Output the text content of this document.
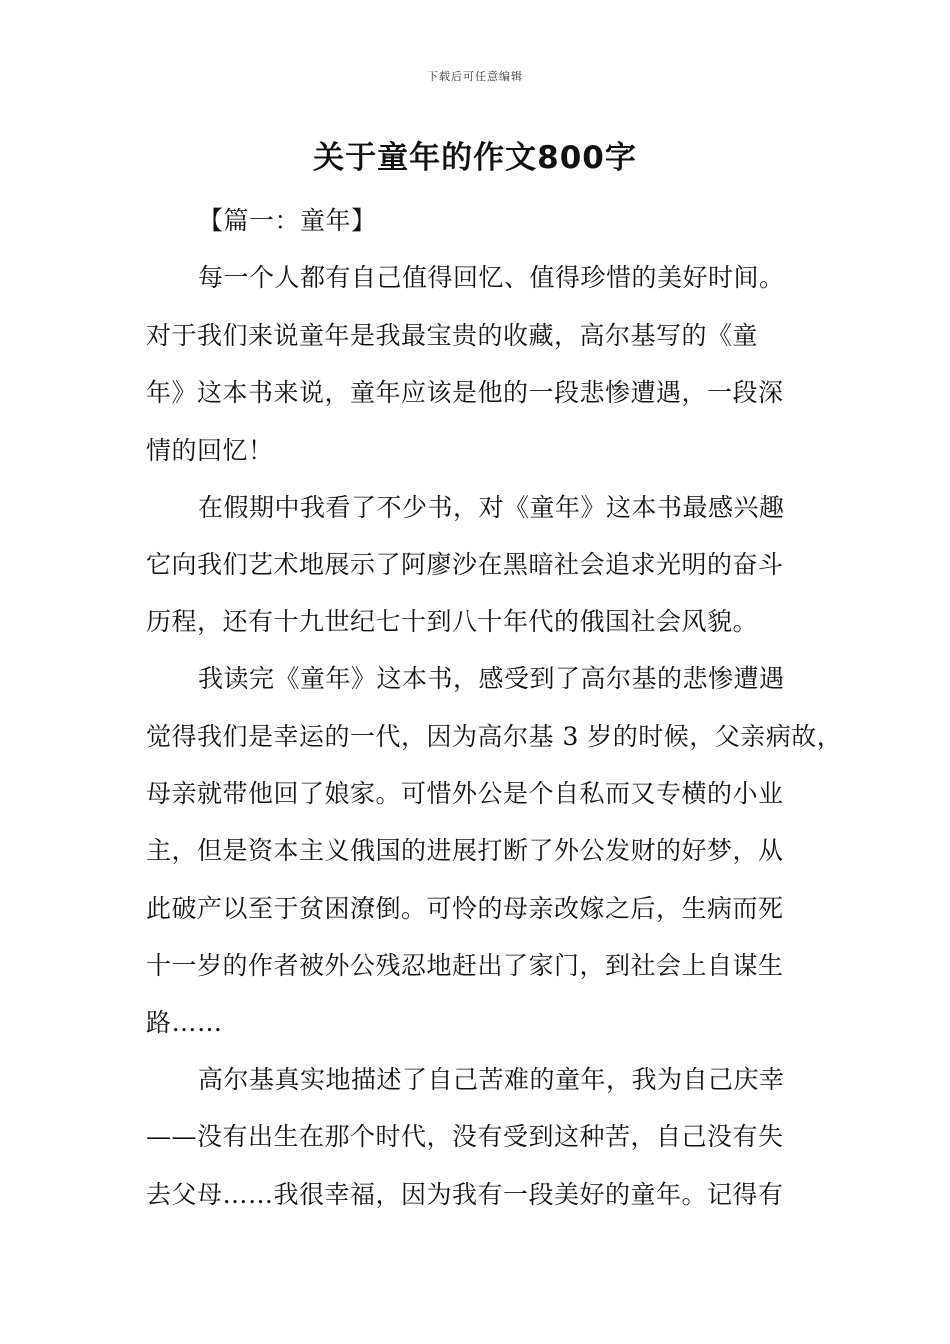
下载后可任意编辑
关于童年的作文800字
【篇一：童年】
每一个人都有自己值得回忆、值得珍惜的美好时间。
对于我们来说童年是我最宝贵的收藏，高尔基写的《童
年》这本书来说，童年应该是他的一段悲惨遭遇，一段深
情的回忆！
在假期中我看了不少书，对《童年》这本书最感兴趣
它向我们艺术地展示了阿廖沙在黑暗社会追求光明的奋斗
历程，还有十九世纪七十到八十年代的俄国社会风貌。
我读完《童年》这本书，感受到了高尔基的悲惨遭遇
觉得我们是幸运的一代，因为高尔基 3 岁的时候，父亲病故，
母亲就带他回了娘家。可惜外公是个自私而又专横的小业
主，但是资本主义俄国的进展打断了外公发财的好梦，从
此破产以至于贫困潦倒。可怜的母亲改嫁之后，生病而死
十一岁的作者被外公残忍地赶出了家门，到社会上自谋生
路……
高尔基真实地描述了自己苦难的童年，我为自己庆幸
——没有出生在那个时代，没有受到这种苦，自己没有失
去父母……我很幸福，因为我有一段美好的童年。记得有
